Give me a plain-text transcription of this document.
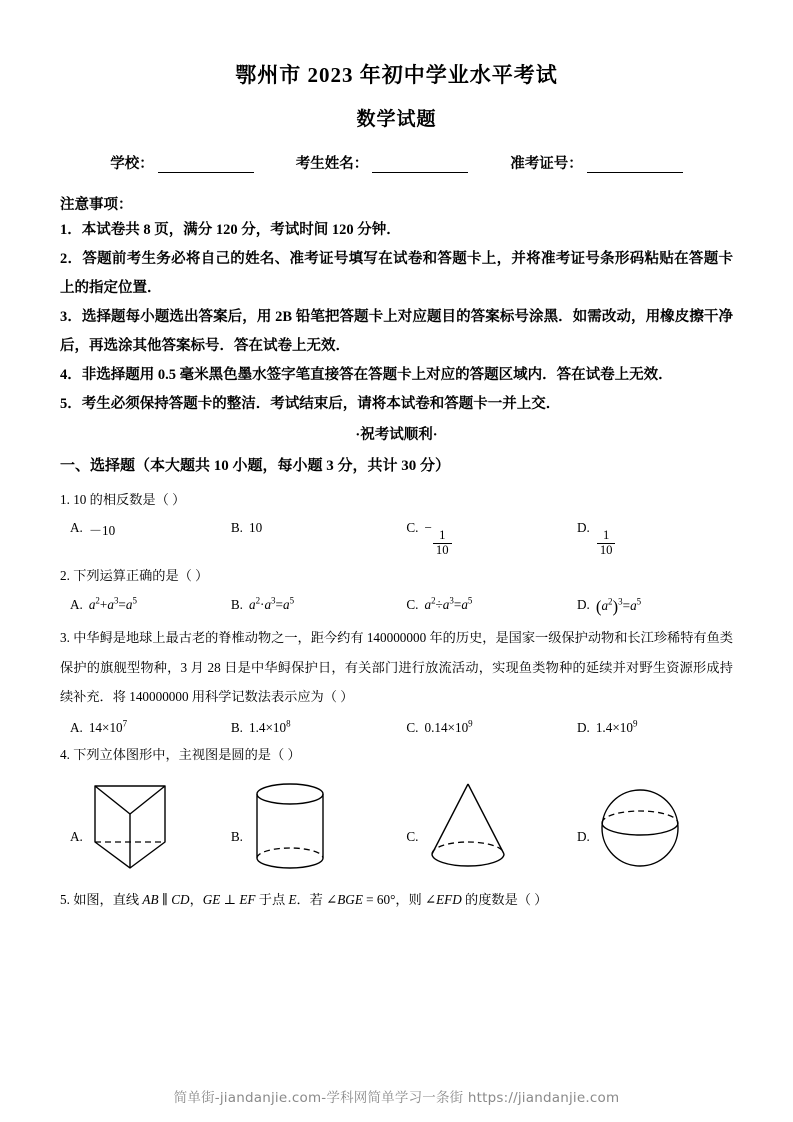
鄂州市 2023 年初中学业水平考试
数学试题
学校：	考生姓名：	准考证号：
注意事项：

1．本试卷共 8 页，满分 120 分，考试时间 120 分钟．

2．答题前考生务必将自己的姓名、准考证号填写在试卷和答题卡上，并将准考证号条形码粘贴在答题卡上的指定位置．

3．选择题每小题选出答案后，用 2B 铅笔把答题卡上对应题目的答案标号涂黑．如需改动，用橡皮擦干净后，再选涂其他答案标号．答在试卷上无效．

4．非选择题用 0.5 毫米黑色墨水签字笔直接答在答题卡上对应的答题区域内．答在试卷上无效．

5．考生必须保持答题卡的整洁．考试结束后，请将本试卷和答题卡一并上交．

·祝考试顺利·
一、选择题（本大题共 10 小题，每小题 3 分，共计 30 分）
1. 10 的相反数是（ ）
A. －10	B. 10	C. −
$\frac{1}{10}$
D.
$\frac{1}{10}$
2. 下列运算正确的是（ ）
A. $a^2+a^3=a^5$	B. $a^2\cdot a^3=a^5$	C. $a^2\div a^3=a^5$	D. $(a^2)^3=a^5$
3. 中华鲟是地球上最古老的脊椎动物之一，距今约有 140000000 年的历史，是国家一级保护动物和长江珍稀特有鱼类保护的旗舰型物种，3 月 28 日是中华鲟保护日，有关部门进行放流活动，实现鱼类物种的延续并对野生资源形成持续补充．将 140000000 用科学记数法表示应为（ ）
A. $14\times 10^7$	B. $1.4\times 10^8$	C. $0.14\times 10^9$	D. $1.4\times 10^9$
4. 下列立体图形中，主视图是圆的是（ ）
A.	B.	C.	D.
5. 如图，直线 AB ∥ CD，GE ⊥ EF 于点 E．若 ∠BGE = 60°，则 ∠EFD 的度数是（ ）
简单街-jiandanjie.com-学科网简单学习一条街 https://jiandanjie.com
